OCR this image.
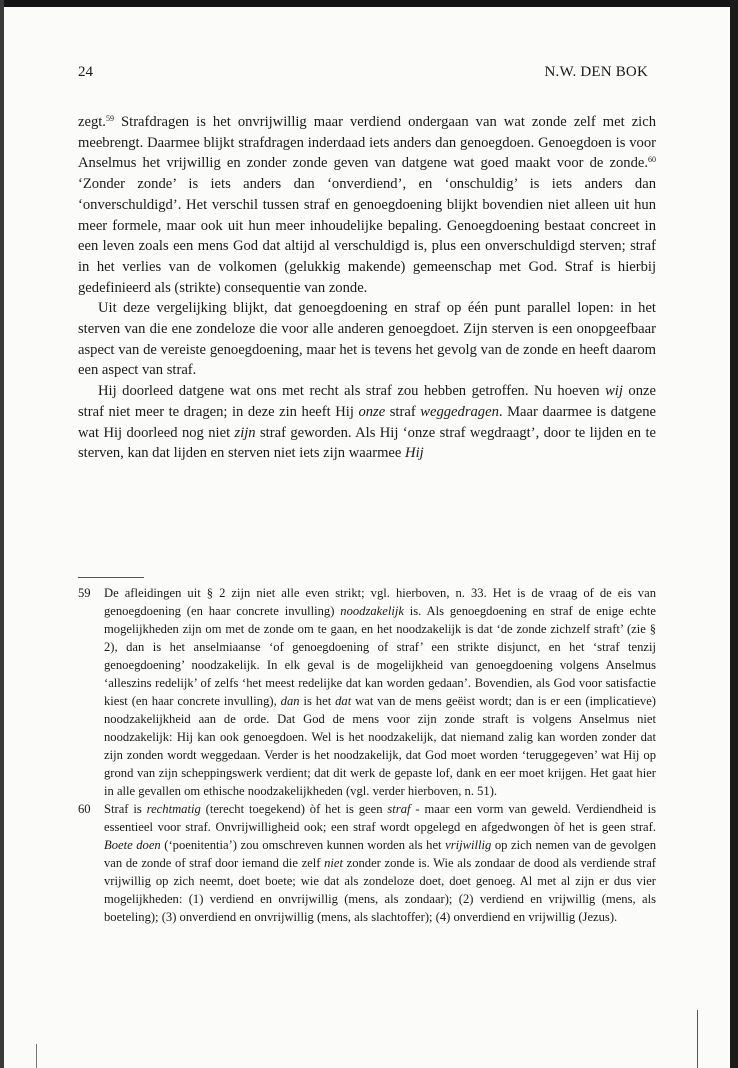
24	N.W. DEN BOK

zegt.$^{59}$ Strafdragen is het onvrijwillig maar verdiend ondergaan van wat zonde zelf met zich meebrengt. Daarmee blijkt strafdragen inderdaad iets anders dan genoegdoen. Genoegdoen is voor Anselmus het vrijwillig en zonder zonde geven van datgene wat goed maakt voor de zonde.$^{60}$ ‘Zonder zonde’ is iets anders dan ‘onverdiend’, en ‘onschuldig’ is iets anders dan ‘onverschuldigd’. Het verschil tussen straf en genoegdoening blijkt bovendien niet alleen uit hun meer formele, maar ook uit hun meer inhoudelijke bepaling. Genoegdoening bestaat concreet in een leven zoals een mens God dat altijd al verschuldigd is, plus een onverschuldigd sterven; straf in het verlies van de volkomen (gelukkig makende) gemeenschap met God. Straf is hierbij gedefinieerd als (strikte) consequentie van zonde.

Uit deze vergelijking blijkt, dat genoegdoening en straf op één punt parallel lopen: in het sterven van die ene zondeloze die voor alle anderen genoegdoet. Zijn sterven is een onopgeefbaar aspect van de vereiste genoegdoening, maar het is tevens het gevolg van de zonde en heeft daarom een aspect van straf.

Hij doorleed datgene wat ons met recht als straf zou hebben getroffen. Nu hoeven wij onze straf niet meer te dragen; in deze zin heeft Hij onze straf weggedragen. Maar daarmee is datgene wat Hij doorleed nog niet zijn straf geworden. Als Hij ‘onze straf wegdraagt’, door te lijden en te sterven, kan dat lijden en sterven niet iets zijn waarmee Hij

59 De afleidingen uit § 2 zijn niet alle even strikt; vgl. hierboven, n. 33. Het is de vraag of de eis van genoegdoening (en haar concrete invulling) noodzakelijk is. Als genoegdoening en straf de enige echte mogelijkheden zijn om met de zonde om te gaan, en het noodzakelijk is dat ‘de zonde zichzelf straft’ (zie § 2), dan is het anselmiaanse ‘of genoegdoening of straf’ een strikte disjunct, en het ‘straf tenzij genoegdoening’ noodzakelijk. In elk geval is de mogelijkheid van genoegdoening volgens Anselmus ‘alleszins redelijk’ of zelfs ‘het meest redelijke dat kan worden gedaan’. Bovendien, als God voor satisfactie kiest (en haar concrete invulling), dan is het dat wat van de mens geëist wordt; dan is er een (implicatieve) noodzakelijkheid aan de orde. Dat God de mens voor zijn zonde straft is volgens Anselmus niet noodzakelijk: Hij kan ook genoegdoen. Wel is het noodzakelijk, dat niemand zalig kan worden zonder dat zijn zonden wordt weggedaan. Verder is het noodzakelijk, dat God moet worden ‘teruggegeven’ wat Hij op grond van zijn scheppingswerk verdient; dat dit werk de gepaste lof, dank en eer moet krijgen. Het gaat hier in alle gevallen om ethische noodzakelijkheden (vgl. verder hierboven, n. 51).

60 Straf is rechtmatig (terecht toegekend) òf het is geen straf - maar een vorm van geweld. Verdiendheid is essentieel voor straf. Onvrijwilligheid ook; een straf wordt opgelegd en afgedwongen òf het is geen straf. Boete doen (‘poenitentia’) zou omschreven kunnen worden als het vrijwillig op zich nemen van de gevolgen van de zonde of straf door iemand die zelf niet zonder zonde is. Wie als zondaar de dood als verdiende straf vrijwillig op zich neemt, doet boete; wie dat als zondeloze doet, doet genoeg. Al met al zijn er dus vier mogelijkheden: (1) verdiend en onvrijwillig (mens, als zondaar); (2) verdiend en vrijwillig (mens, als boeteling); (3) onverdiend en onvrijwillig (mens, als slachtoffer); (4) onverdiend en vrijwillig (Jezus).
